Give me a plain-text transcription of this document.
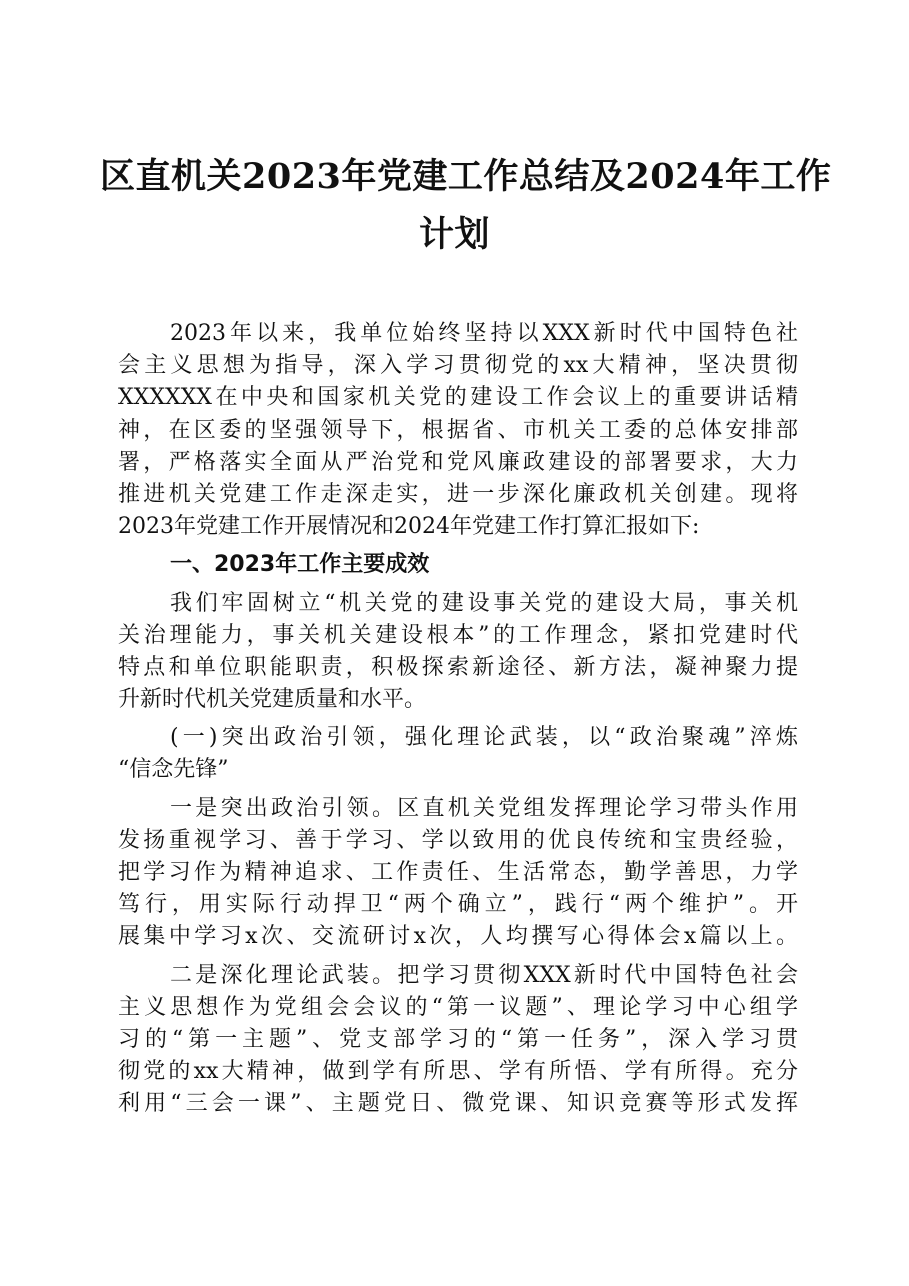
区直机关2023年党建工作总结及2024年工作
计划

2023年以来，我单位始终坚持以XXX新时代中国特色社
会主义思想为指导，深入学习贯彻党的xx大精神，坚决贯彻
XXXXXX在中央和国家机关党的建设工作会议上的重要讲话精
神，在区委的坚强领导下，根据省、市机关工委的总体安排部
署，严格落实全面从严治党和党风廉政建设的部署要求，大力
推进机关党建工作走深走实，进一步深化廉政机关创建。现将
2023年党建工作开展情况和2024年党建工作打算汇报如下:

一、2023年工作主要成效

我们牢固树立“机关党的建设事关党的建设大局，事关机
关治理能力，事关机关建设根本”的工作理念，紧扣党建时代
特点和单位职能职责，积极探索新途径、新方法，凝神聚力提
升新时代机关党建质量和水平。

(一)突出政治引领，强化理论武装，以“政治聚魂”淬炼
“信念先锋”

一是突出政治引领。区直机关党组发挥理论学习带头作用
发扬重视学习、善于学习、学以致用的优良传统和宝贵经验，
把学习作为精神追求、工作责任、生活常态，勤学善思，力学
笃行，用实际行动捍卫“两个确立”，践行“两个维护”。开
展集中学习x次、交流研讨x次，人均撰写心得体会x篇以上。

二是深化理论武装。把学习贯彻XXX新时代中国特色社会
主义思想作为党组会会议的“第一议题”、理论学习中心组学
习的“第一主题”、党支部学习的“第一任务”，深入学习贯
彻党的xx大精神，做到学有所思、学有所悟、学有所得。充分
利用“三会一课”、主题党日、微党课、知识竞赛等形式发挥
